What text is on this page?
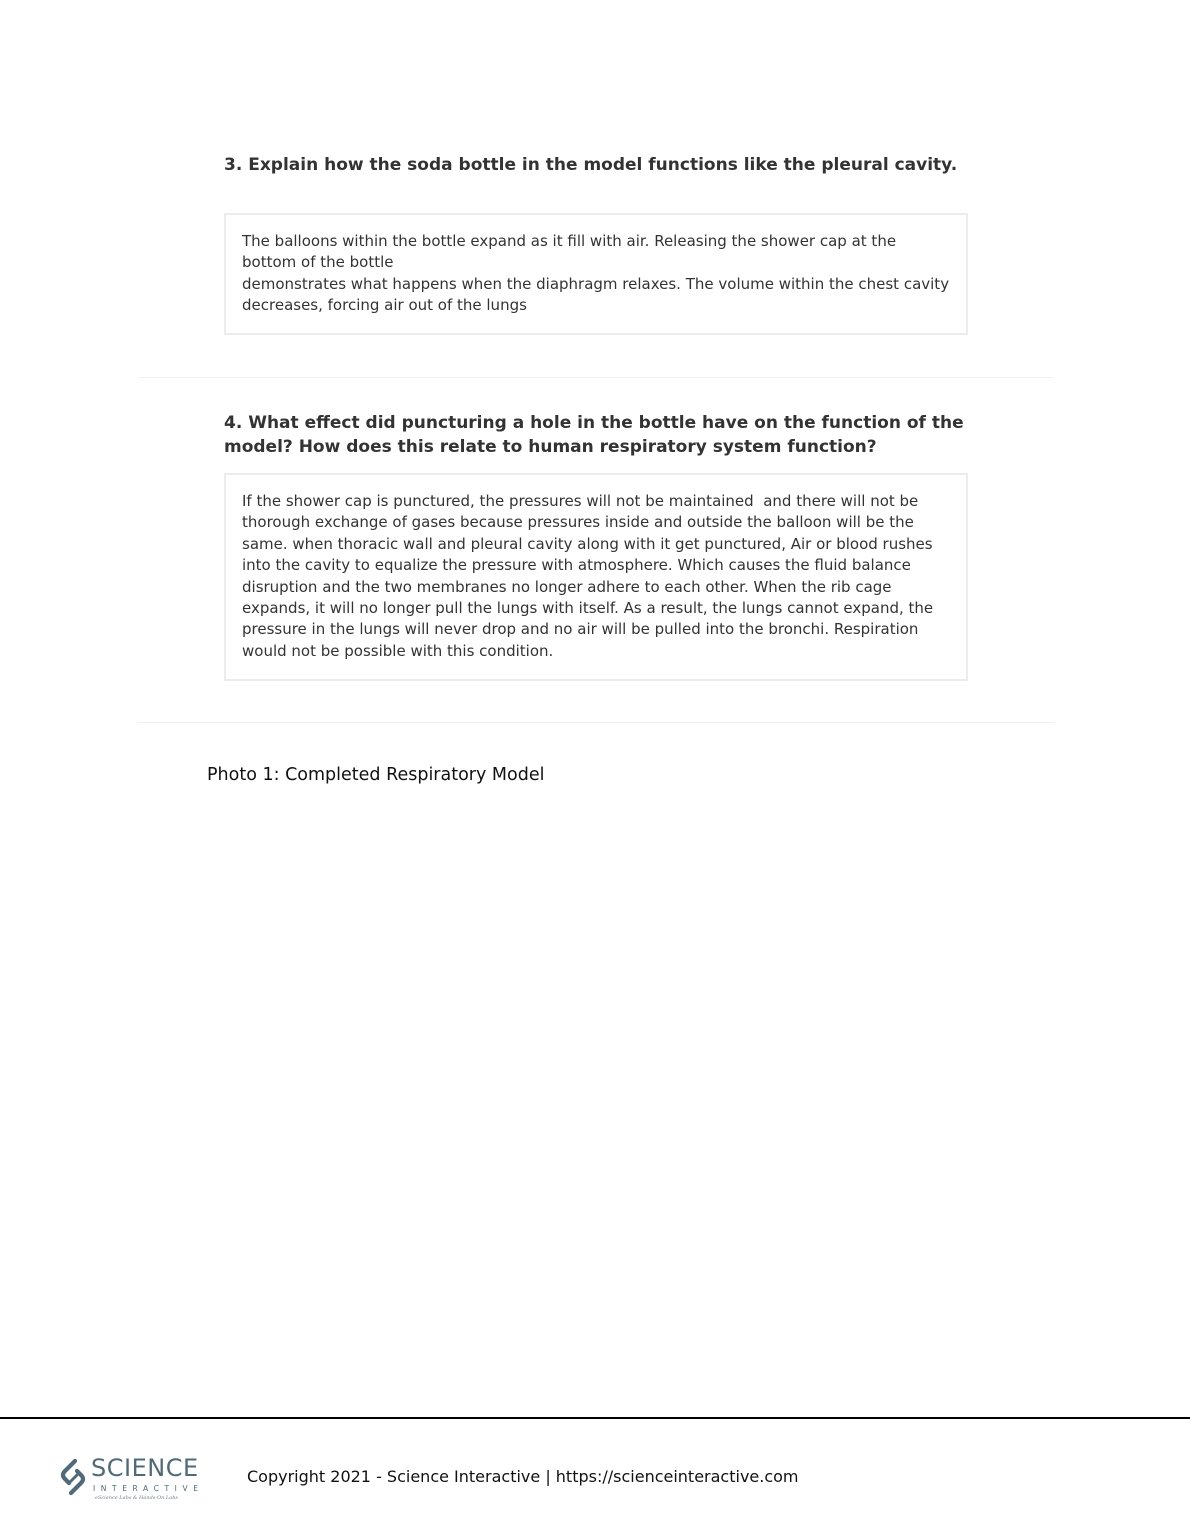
3. Explain how the soda bottle in the model functions like the pleural cavity.
The balloons within the bottle expand as it fill with air. Releasing the shower cap at the bottom of the bottle
demonstrates what happens when the diaphragm relaxes. The volume within the chest cavity decreases, forcing air out of the lungs
4. What effect did puncturing a hole in the bottle have on the function of the model? How does this relate to human respiratory system function?
If the shower cap is punctured, the pressures will not be maintained  and there will not be thorough exchange of gases because pressures inside and outside the balloon will be the same. when thoracic wall and pleural cavity along with it get punctured, Air or blood rushes into the cavity to equalize the pressure with atmosphere. Which causes the fluid balance disruption and the two membranes no longer adhere to each other. When the rib cage expands, it will no longer pull the lungs with itself. As a result, the lungs cannot expand, the pressure in the lungs will never drop and no air will be pulled into the bronchi. Respiration would not be possible with this condition.

Photo 1: Completed Respiratory Model

SCIENCE
INTERACTIVE
eScience Labs & Hands-On Labs

Copyright 2021 - Science Interactive | https://scienceinteractive.com
